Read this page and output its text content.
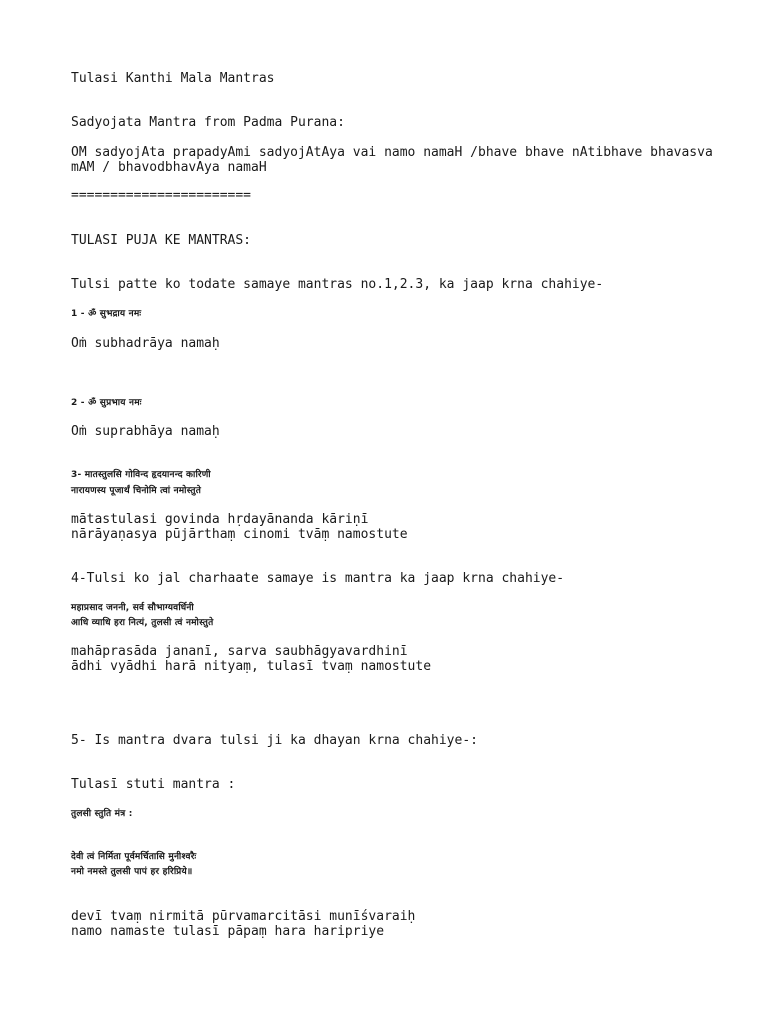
Tulasi Kanthi Mala Mantras
Sadyojata Mantra from Padma Purana:
OM sadyojAta prapadyAmi sadyojAtAya vai namo namaH /bhave bhave nAtibhave bhavasva
mAM / bhavodbhavAya namaH
=======================
TULASI PUJA KE MANTRAS:
Tulsi patte ko todate samaye mantras no.1,2.3, ka jaap krna chahiye-
1 - ॐ सुभद्राय नमः
Oṁ subhadrāya namaḥ
2 - ॐ सुप्रभाय नमः
Oṁ suprabhāya namaḥ
3- मातस्तुलसि गोविन्द हृदयानन्द कारिणी
नारायणस्य पूजार्थं चिनोमि त्वां नमोस्तुते
mātastulasi govinda hṛdayānanda kāriṇī
nārāyaṇasya pūjārthaṃ cinomi tvāṃ namostute
4-Tulsi ko jal charhaate samaye is mantra ka jaap krna chahiye-
महाप्रसाद जननी, सर्व सौभाग्यवर्धिनी
आधि व्याधि हरा नित्यं, तुलसी त्वं नमोस्तुते
mahāprasāda jananī, sarva saubhāgyavardhinī
ādhi vyādhi harā nityaṃ, tulasī tvaṃ namostute
5- Is mantra dvara tulsi ji ka dhayan krna chahiye-:
Tulasī stuti mantra :
तुलसी स्तुति मंत्र :
देवी त्वं निर्मिता पूर्वमर्चितासि मुनीश्वरैः
नमो नमस्ते तुलसी पापं हर हरिप्रिये॥
devī tvaṃ nirmitā pūrvamarcitāsi munīśvaraiḥ
namo namaste tulasī pāpaṃ hara haripriye
